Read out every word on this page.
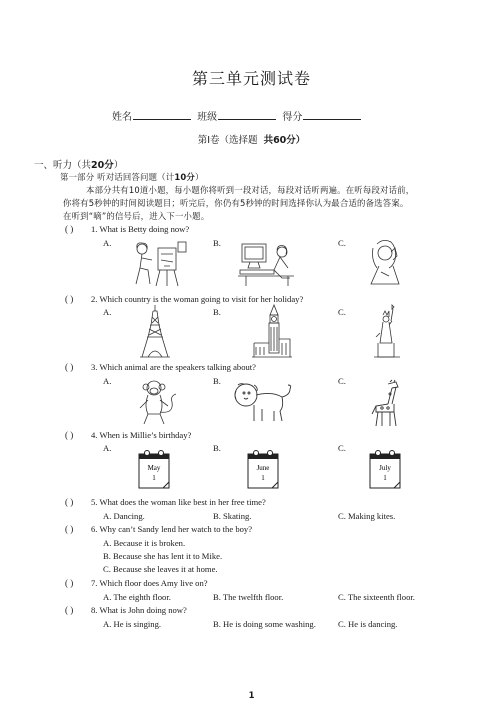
第三单元测试卷
姓名	班级	得分
第Ⅰ卷（选择题 共60分）
一、听力（共20分）
第一部分 听对话回答问题（计10分）
本部分共有10道小题，每小题你将听到一段对话，每段对话听两遍。在听每段对话前，
你将有5秒钟的时间阅读题目；听完后，你仍有5秒钟的时间选择你认为最合适的备选答案。
在听到“嘀”的信号后，进入下一小题。
( ) 1. What is Betty doing now?
A.	B.	C.
( ) 2. Which country is the woman going to visit for her holiday?
A.	B.	C.
( ) 3. Which animal are the speakers talking about?
A.	B.	C.
( ) 4. When is Millie’s birthday?
A.	B.	C.
May
1
June
1
July
1
( ) 5. What does the woman like best in her free time?
A. Dancing.	B. Skating.	C. Making kites.
( ) 6. Why can’t Sandy lend her watch to the boy?
A. Because it is broken.
B. Because she has lent it to Mike.
C. Because she leaves it at home.
( ) 7. Which floor does Amy live on?
A. The eighth floor.	B. The twelfth floor.	C. The sixteenth floor.
( ) 8. What is John doing now?
A. He is singing.	B. He is doing some washing.	C. He is dancing.
1
